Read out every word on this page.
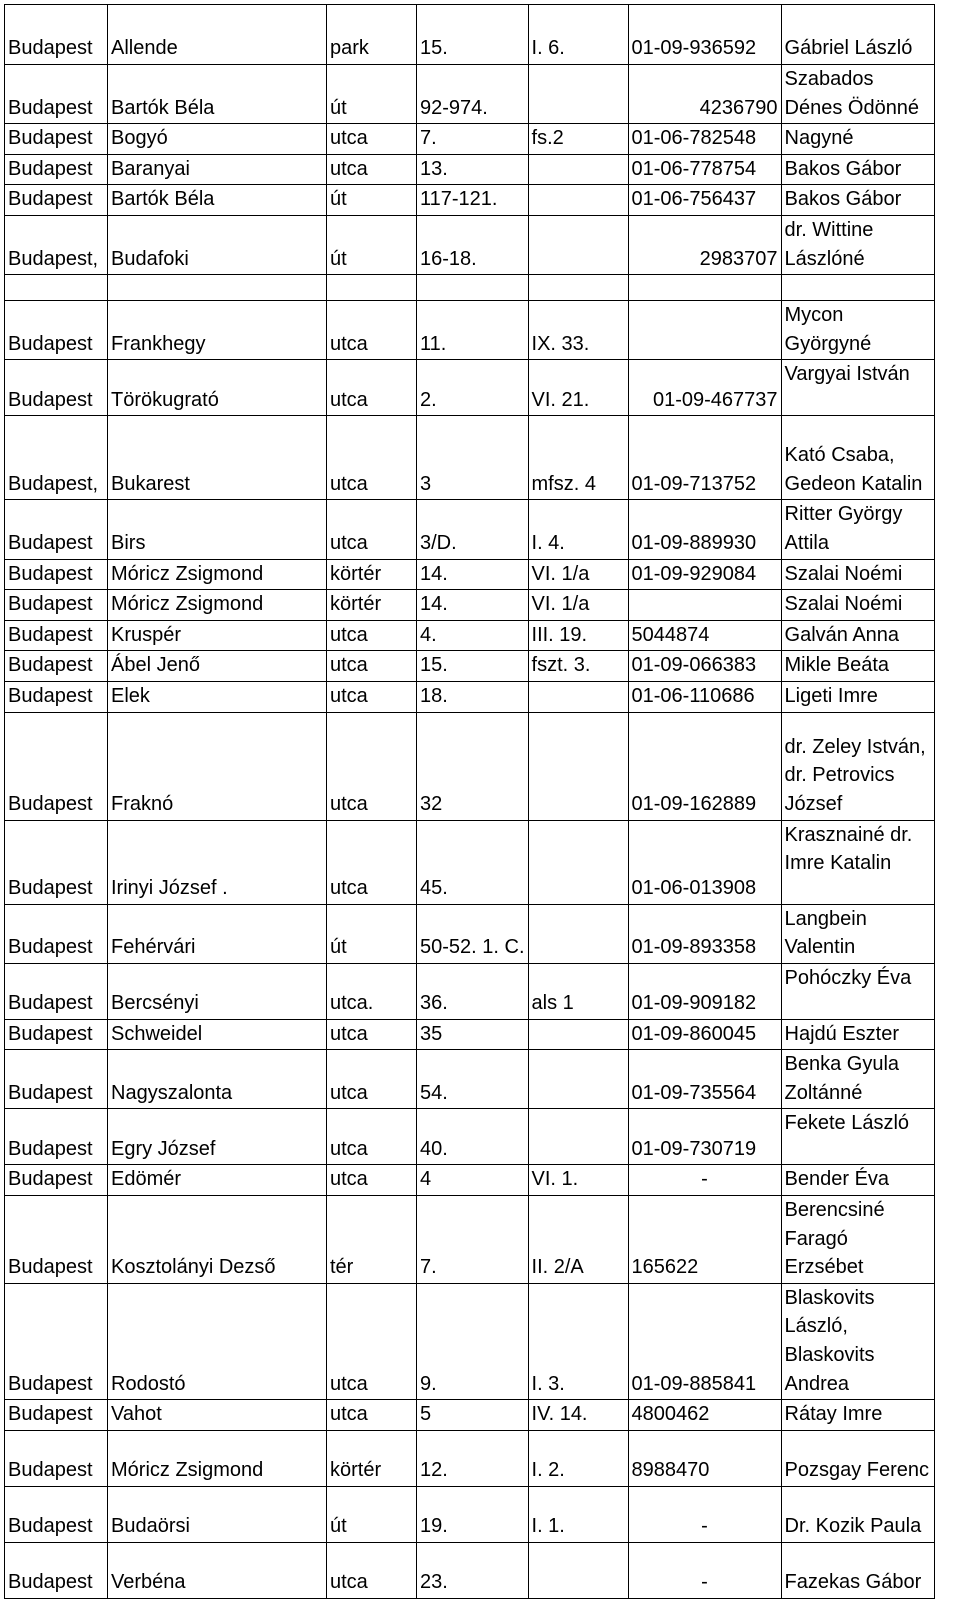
Budapest	Allende	park	15.	I. 6.	01-09-936592	Gábriel László
Budapest	Bartók Béla	út	92-974.		4236790	Szabados Dénes Ödönné
Budapest	Bogyó	utca	7.	fs.2	01-06-782548	Nagyné
Budapest	Baranyai	utca	13.		01-06-778754	Bakos Gábor
Budapest	Bartók Béla	út	117-121.		01-06-756437	Bakos Gábor
Budapest,	Budafoki	út	16-18.		2983707	dr. Wittine Lászlóné

Budapest	Frankhegy	utca	11.	IX. 33.		Mycon Györgyné
Budapest	Törökugrató	utca	2.	VI. 21.	01-09-467737	Vargyai István
Budapest,	Bukarest	utca	3	mfsz. 4	01-09-713752	Kató Csaba, Gedeon Katalin
Budapest	Birs	utca	3/D.	I. 4.	01-09-889930	Ritter György Attila
Budapest	Móricz Zsigmond	körtér	14.	VI. 1/a	01-09-929084	Szalai Noémi
Budapest	Móricz Zsigmond	körtér	14.	VI. 1/a		Szalai Noémi
Budapest	Kruspér	utca	4.	III. 19.	5044874	Galván Anna
Budapest	Ábel Jenő	utca	15.	fszt. 3.	01-09-066383	Mikle Beáta
Budapest	Elek	utca	18.		01-06-110686	Ligeti Imre
Budapest	Fraknó	utca	32		01-09-162889	dr. Zeley István, dr. Petrovics József
Budapest	Irinyi József .	utca	45.		01-06-013908	Krasznainé dr. Imre Katalin
Budapest	Fehérvári	út	50-52. 1. C.		01-09-893358	Langbein Valentin
Budapest	Bercsényi	utca.	36.	als 1	01-09-909182	Pohóczky Éva
Budapest	Schweidel	utca	35		01-09-860045	Hajdú Eszter
Budapest	Nagyszalonta	utca	54.		01-09-735564	Benka Gyula Zoltánné
Budapest	Egry József	utca	40.		01-09-730719	Fekete László
Budapest	Edömér	utca	4	VI. 1.	-	Bender Éva
Budapest	Kosztolányi Dezső	tér	7.	II. 2/A	165622	Berencsiné Faragó Erzsébet
Budapest	Rodostó	utca	9.	I. 3.	01-09-885841	Blaskovits László, Blaskovits Andrea
Budapest	Vahot	utca	5	IV. 14.	4800462	Rátay Imre
Budapest	Móricz Zsigmond	körtér	12.	I. 2.	8988470	Pozsgay Ferenc
Budapest	Budaörsi	út	19.	I. 1.	-	Dr. Kozik Paula
Budapest	Verbéna	utca	23.		-	Fazekas Gábor
